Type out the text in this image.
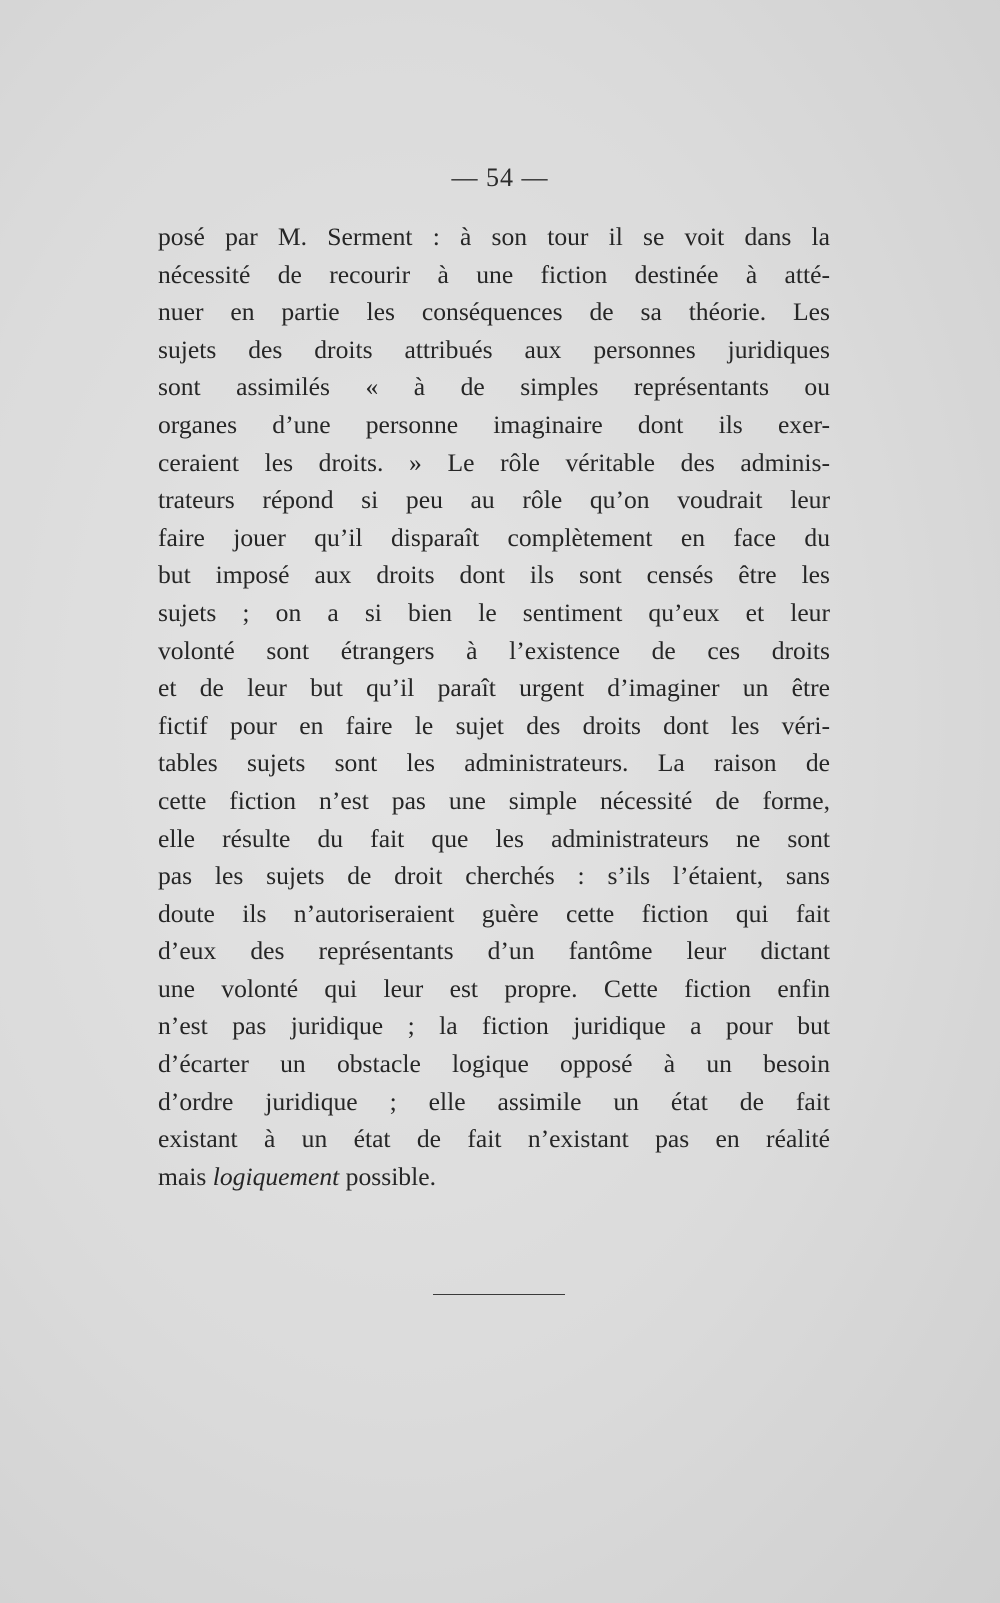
— 54 —
posé par M. Serment : à son tour il se voit dans la
nécessité de recourir à une fiction destinée à atté-
nuer en partie les conséquences de sa théorie. Les
sujets des droits attribués aux personnes juridiques
sont assimilés « à de simples représentants ou
organes d’une personne imaginaire dont ils exer-
ceraient les droits. » Le rôle véritable des adminis-
trateurs répond si peu au rôle qu’on voudrait leur
faire jouer qu’il disparaît complètement en face du
but imposé aux droits dont ils sont censés être les
sujets ; on a si bien le sentiment qu’eux et leur
volonté sont étrangers à l’existence de ces droits
et de leur but qu’il paraît urgent d’imaginer un être
fictif pour en faire le sujet des droits dont les véri-
tables sujets sont les administrateurs. La raison de
cette fiction n’est pas une simple nécessité de forme,
elle résulte du fait que les administrateurs ne sont
pas les sujets de droit cherchés : s’ils l’étaient, sans
doute ils n’autoriseraient guère cette fiction qui fait
d’eux des représentants d’un fantôme leur dictant
une volonté qui leur est propre. Cette fiction enfin
n’est pas juridique ; la fiction juridique a pour but
d’écarter un obstacle logique opposé à un besoin
d’ordre juridique ; elle assimile un état de fait
existant à un état de fait n’existant pas en réalité
mais logiquement possible.
